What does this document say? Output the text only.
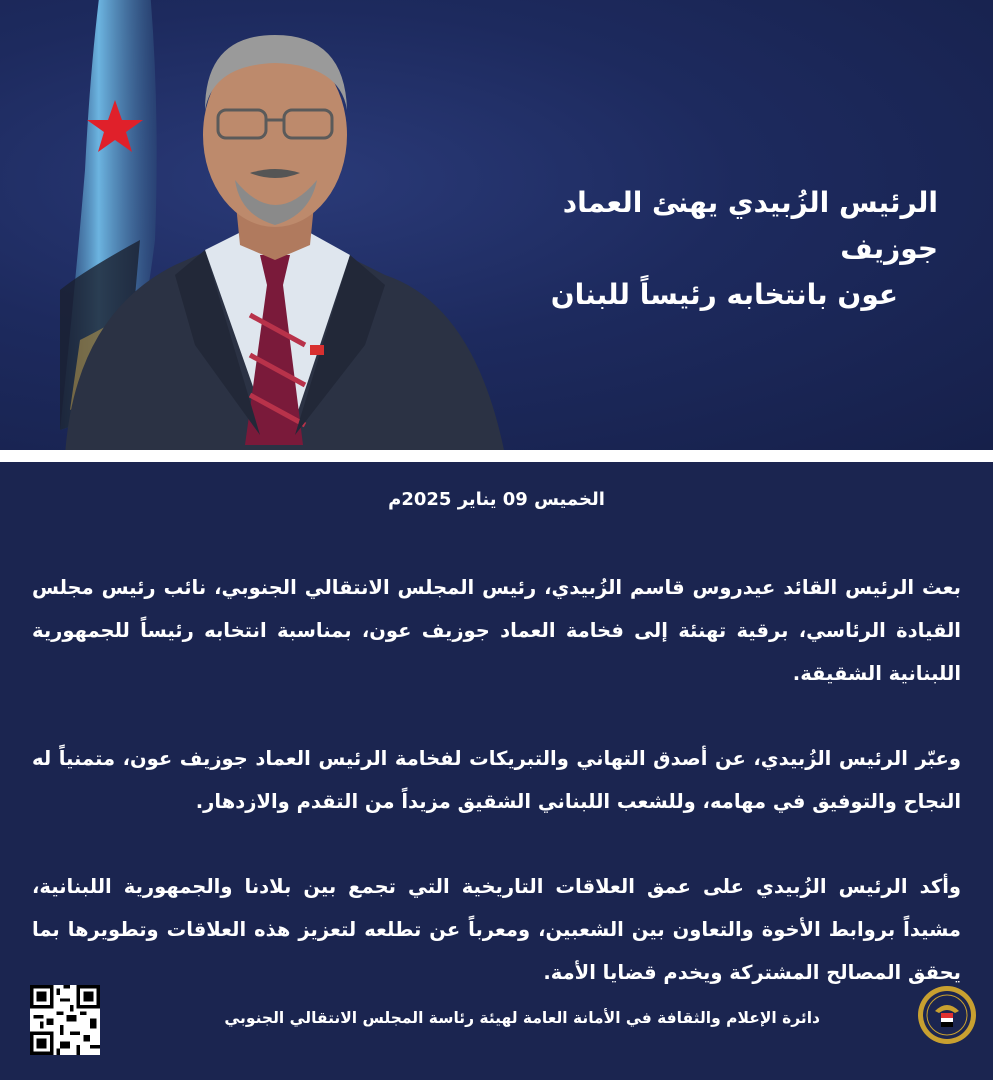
الرئيس الزُبيدي يهنئ العماد جوزيف
عون بانتخابه رئيساً للبنان
الخميس 09 يناير 2025م

بعث الرئيس القائد عيدروس قاسم الزُبيدي، رئيس المجلس الانتقالي الجنوبي، نائب رئيس مجلس القيادة الرئاسي، برقية تهنئة إلى فخامة العماد جوزيف عون، بمناسبة انتخابه رئيساً للجمهورية اللبنانية الشقيقة.

وعبّر الرئيس الزُبيدي، عن أصدق التهاني والتبريكات لفخامة الرئيس العماد جوزيف عون، متمنياً له النجاح والتوفيق في مهامه، وللشعب اللبناني الشقيق مزيداً من التقدم والازدهار.

وأكد الرئيس الزُبيدي على عمق العلاقات التاريخية التي تجمع بين بلادنا والجمهورية اللبنانية، مشيداً بروابط الأخوة والتعاون بين الشعبين، ومعرباً عن تطلعه لتعزيز هذه العلاقات وتطويرها بما يحقق المصالح المشتركة ويخدم قضايا الأمة.

دائرة الإعلام والثقافة في الأمانة العامة لهيئة رئاسة المجلس الانتقالي الجنوبي
